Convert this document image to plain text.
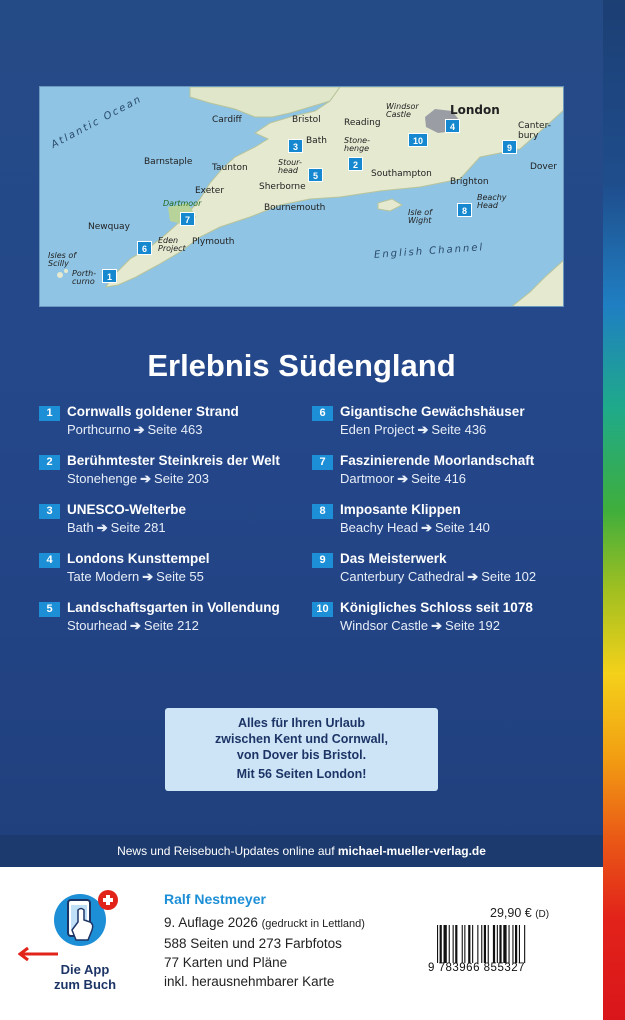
Atlantic Ocean
English Channel
Cardiff	Bristol
Bath
Reading
Windsor Castle	London
Canter-bury
Barnstaple
Taunton
Stour-head
Stone-henge
Southampton
Dover
Exeter	Sherborne	Brighton
Dartmoor	Bournemouth
Beachy Head
Newquay
Eden Project
Plymouth
Isle of Wight
Isles of Scilly
Porth-curno	1
2
3
4
5
6
7
8
9
10
Erlebnis Südengland
1	Cornwalls goldener Strand
Porthcurno ➔ Seite 463
2	Berühmtester Steinkreis der Welt
Stonehenge ➔ Seite 203
3	UNESCO-Welterbe
Bath ➔ Seite 281
4	Londons Kunsttempel
Tate Modern ➔ Seite 55
5	Landschaftsgarten in Vollendung
Stourhead ➔ Seite 212
6	Gigantische Gewächshäuser
Eden Project ➔ Seite 436
7	Faszinierende Moorlandschaft
Dartmoor ➔ Seite 416
8	Imposante Klippen
Beachy Head ➔ Seite 140
9	Das Meisterwerk
Canterbury Cathedral ➔ Seite 102
10 Königliches Schloss seit 1078
Windsor Castle ➔ Seite 192
Alles für Ihren Urlaub
zwischen Kent und Cornwall,
von Dover bis Bristol.
Mit 56 Seiten London!
News und Reisebuch-Updates online auf michael-mueller-verlag.de
Die App
zum Buch
Ralf Nestmeyer
9. Auflage 2026 (gedruckt in Lettland)
588 Seiten und 273 Farbfotos
77 Karten und Pläne
inkl. herausnehmbarer Karte
29,90 € (D)
9 783966 855327
